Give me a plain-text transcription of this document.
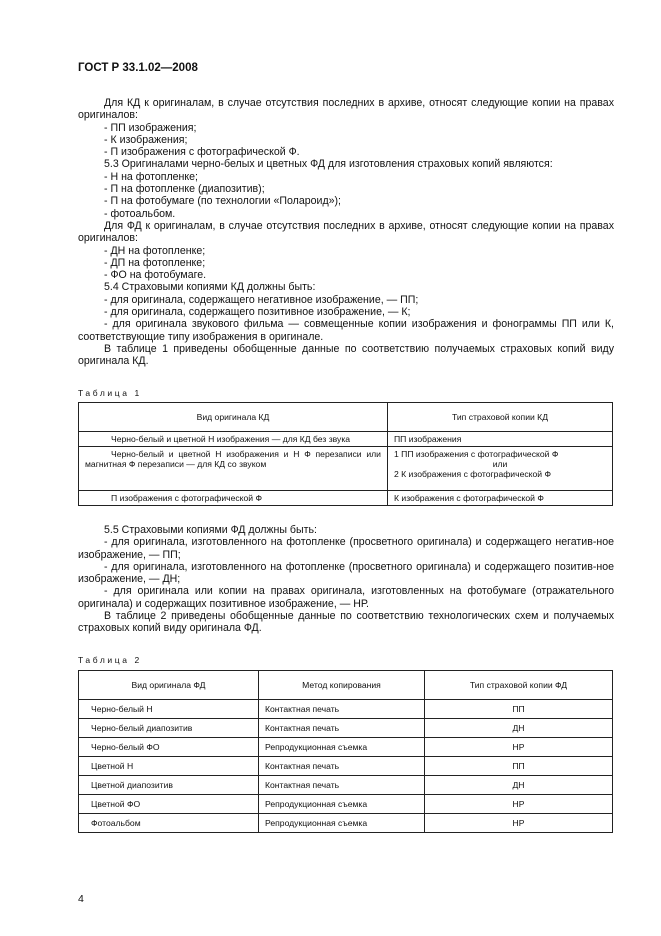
ГОСТ Р 33.1.02—2008
Для КД к оригиналам, в случае отсутствия последних в архиве, относят следующие копии на правах оригиналов:
- ПП изображения;
- К изображения;
- П изображения с фотографической Ф.
5.3 Оригиналами черно-белых и цветных ФД для изготовления страховых копий являются:
- Н на фотопленке;
- П на фотопленке (диапозитив);
- П на фотобумаге (по технологии «Полароид»);
- фотоальбом.
Для ФД к оригиналам, в случае отсутствия последних в архиве, относят следующие копии на правах оригиналов:
- ДН на фотопленке;
- ДП на фотопленке;
- ФО на фотобумаге.
5.4 Страховыми копиями КД должны быть:
- для оригинала, содержащего негативное изображение, — ПП;
- для оригинала, содержащего позитивное изображение, — К;
- для оригинала звукового фильма — совмещенные копии изображения и фонограммы ПП или К, соответствующие типу изображения в оригинале.
В таблице 1 приведены обобщенные данные по соответствию получаемых страховых копий виду оригинала КД.
Таблица 1
Вид оригинала КД	Тип страховой копии КД
Черно-белый и цветной Н изображения — для КД без звука	ПП изображения
Черно-белый и цветной Н изображения и Н Ф перезаписи или магнитная Ф перезаписи — для КД со звуком	1 ПП изображения с фотографической Ф
или
2 К изображения с фотографической Ф

П изображения с фотографической Ф	К изображения с фотографической Ф
5.5 Страховыми копиями ФД должны быть:
- для оригинала, изготовленного на фотопленке (просветного оригинала) и содержащего негатив-ное изображение, — ПП;
- для оригинала, изготовленного на фотопленке (просветного оригинала) и содержащего позитив-ное изображение, — ДН;
- для оригинала или копии на правах оригинала, изготовленных на фотобумаге (отражательного оригинала) и содержащих позитивное изображение, — НР.
В таблице 2 приведены обобщенные данные по соответствию технологических схем и получаемых страховых копий виду оригинала ФД.
Таблица 2
Вид оригинала ФД	Метод копирования	Тип страховой копии ФД
Черно-белый Н	Контактная печать	ПП
Черно-белый диапозитив	Контактная печать	ДН
Черно-белый ФО	Репродукционная съемка	НР
Цветной Н	Контактная печать	ПП
Цветной диапозитив	Контактная печать	ДН
Цветной ФО	Репродукционная съемка	НР
Фотоальбом	Репродукционная съемка	НР
4
